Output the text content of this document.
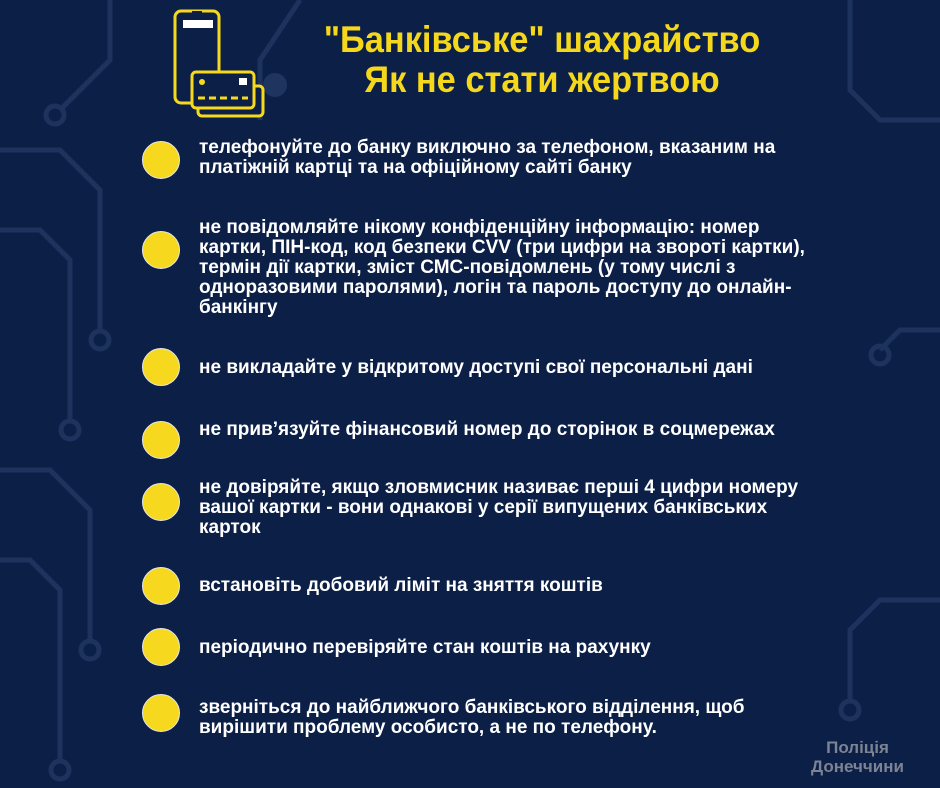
"Банківське" шахрайство
Як не стати жертвою
телефонуйте до банку виключно за телефоном, вказаним на
платіжній картці та на офіційному сайті банку
не повідомляйте нікому конфіденційну інформацію: номер
картки, ПІН-код, код безпеки CVV (три цифри на звороті картки),
термін дії картки, зміст СМС-повідомлень (у тому числі з
одноразовими паролями), логін та пароль доступу до онлайн-
банкінгу
не викладайте у відкритому доступі свої персональні дані
не прив’язуйте фінансовий номер до сторінок в соцмережах
не довіряйте, якщо зловмисник називає перші 4 цифри номеру
вашої картки - вони однакові у серії випущених банківських
карток
встановіть добовий ліміт на зняття коштів
періодично перевіряйте стан коштів на рахунку
зверніться до найближчого банківського відділення, щоб
вирішити проблему особисто, а не по телефону.
Поліція
Донеччини
